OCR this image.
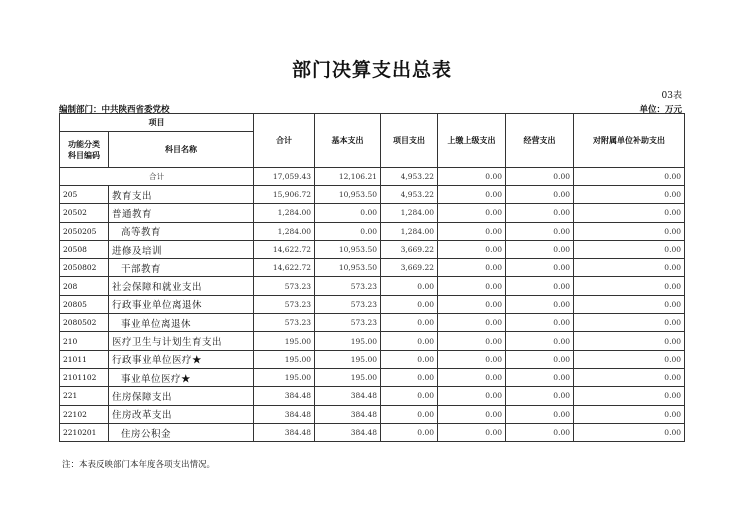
部门决算支出总表
03表
编制部门：中共陕西省委党校	单位：万元
项目		合计	基本支出	项目支出	上缴上级支出	经营支出	对附属单位补助支出

功能分类
科目编码	科目名称						
合计		17,059.43	12,106.21	4,953.22	0.00	0.00	0.00
205	教育支出	15,906.72	10,953.50	4,953.22	0.00	0.00	0.00
20502	普通教育	1,284.00	0.00	1,284.00	0.00	0.00	0.00
2050205	高等教育	1,284.00	0.00	1,284.00	0.00	0.00	0.00
20508	进修及培训	14,622.72	10,953.50	3,669.22	0.00	0.00	0.00
2050802	干部教育	14,622.72	10,953.50	3,669.22	0.00	0.00	0.00
208	社会保障和就业支出	573.23	573.23	0.00	0.00	0.00	0.00
20805	行政事业单位离退休	573.23	573.23	0.00	0.00	0.00	0.00
2080502	事业单位离退休	573.23	573.23	0.00	0.00	0.00	0.00
210	医疗卫生与计划生育支出	195.00	195.00	0.00	0.00	0.00	0.00
21011	行政事业单位医疗★	195.00	195.00	0.00	0.00	0.00	0.00
2101102	事业单位医疗★	195.00	195.00	0.00	0.00	0.00	0.00
221	住房保障支出	384.48	384.48	0.00	0.00	0.00	0.00
22102	住房改革支出	384.48	384.48	0.00	0.00	0.00	0.00
2210201	住房公积金	384.48	384.48	0.00	0.00	0.00	0.00
注：本表反映部门本年度各项支出情况。
